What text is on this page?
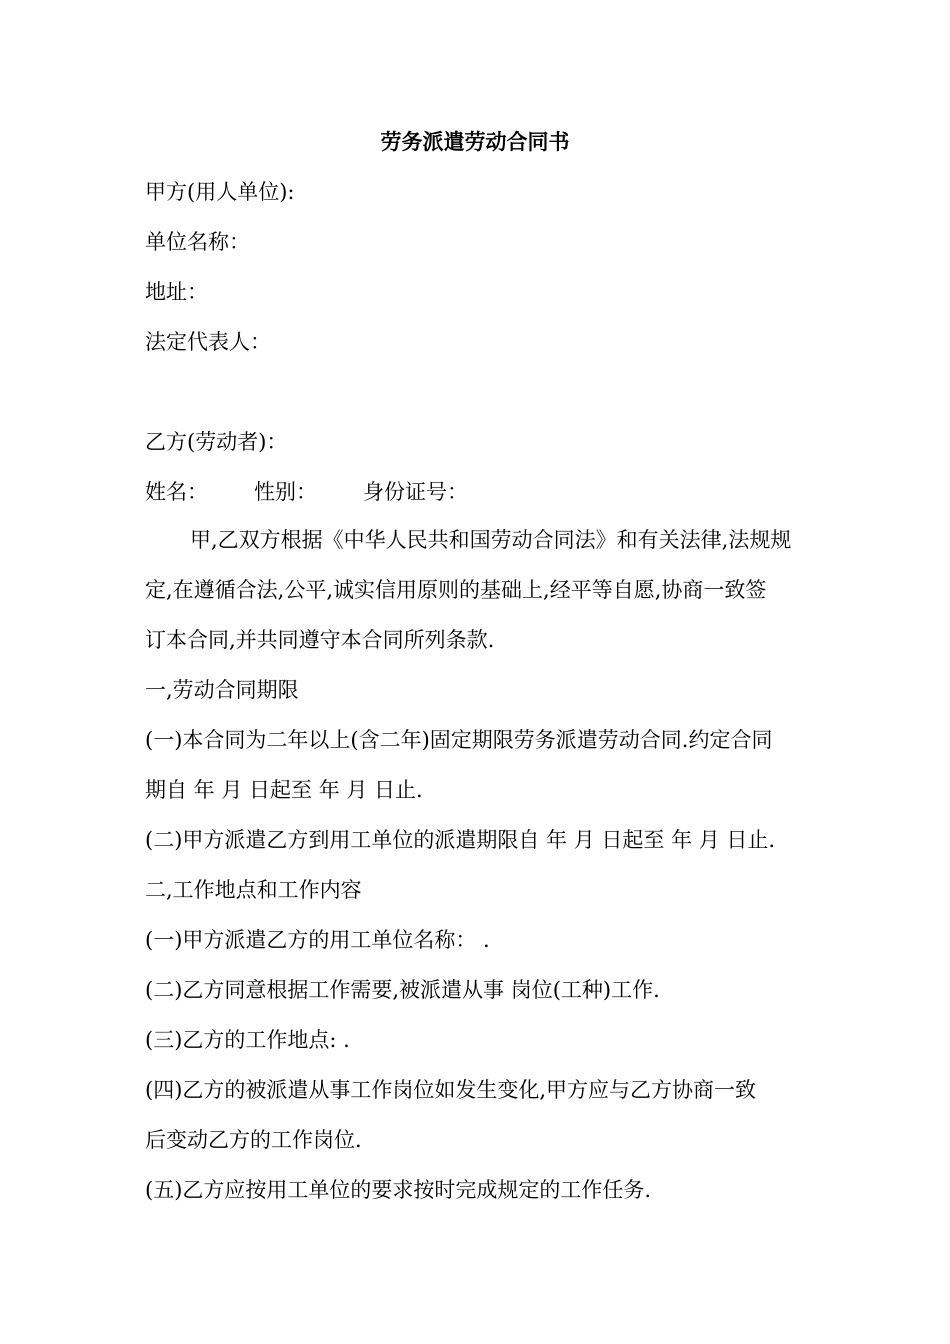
劳务派遣劳动合同书
甲方(用人单位):
单位名称：
地址：
法定代表人：
乙方(劳动者)：
姓名： 性别： 身份证号：
甲,乙双方根据《中华人民共和国劳动合同法》和有关法律,法规规
定,在遵循合法,公平,诚实信用原则的基础上,经平等自愿,协商一致签
订本合同,并共同遵守本合同所列条款.
一,劳动合同期限
(一)本合同为二年以上(含二年)固定期限劳务派遣劳动合同.约定合同
期自 年 月 日起至 年 月 日止.
(二)甲方派遣乙方到用工单位的派遣期限自 年 月 日起至 年 月 日止.
二,工作地点和工作内容
(一)甲方派遣乙方的用工单位名称： .
(二)乙方同意根据工作需要,被派遣从事 岗位(工种)工作.
(三)乙方的工作地点: .
(四)乙方的被派遣从事工作岗位如发生变化,甲方应与乙方协商一致
后变动乙方的工作岗位.
(五)乙方应按用工单位的要求按时完成规定的工作任务.
